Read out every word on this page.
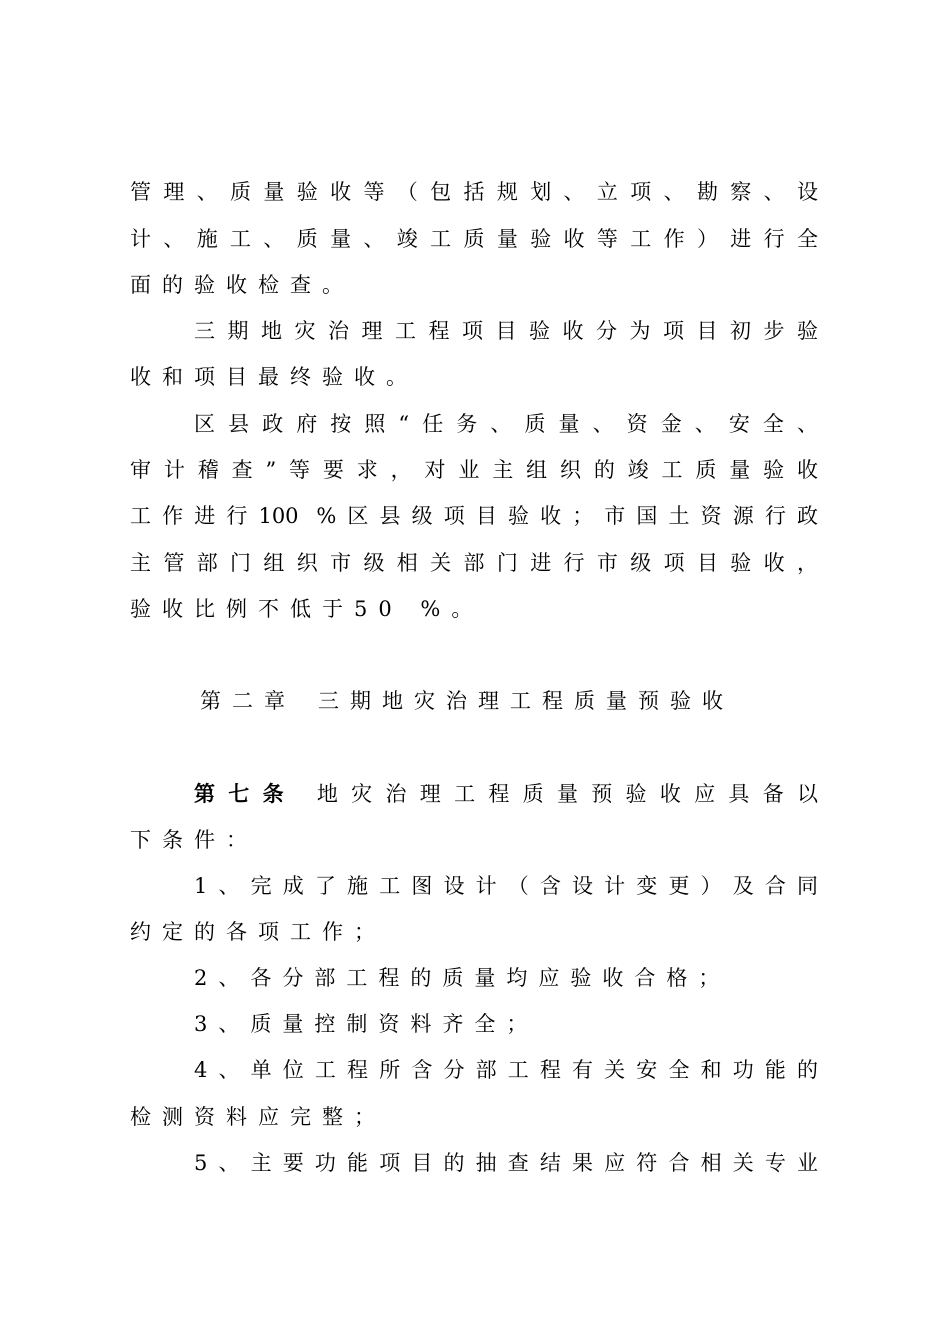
管理、质量验收等（包括规划、立项、勘察、设
计、施工、质量、竣工质量验收等工作）进行全
面的验收检查。
三期地灾治理工程项目验收分为项目初步验
收和项目最终验收。
区县政府按照“任务、质量、资金、安全、
审计稽查”等要求，对业主组织的竣工质量验收
工作进行100 %区县级项目验收；市国土资源行政
主管部门组织市级相关部门进行市级项目验收，
验收比例不低于50 %。
第二章 三期地灾治理工程质量预验收
第七条 地灾治理工程质量预验收应具备以
下条件：
1、完成了施工图设计（含设计变更）及合同
约定的各项工作；
2、各分部工程的质量均应验收合格；
3、质量控制资料齐全；
4、单位工程所含分部工程有关安全和功能的
检测资料应完整；
5、主要功能项目的抽查结果应符合相关专业
